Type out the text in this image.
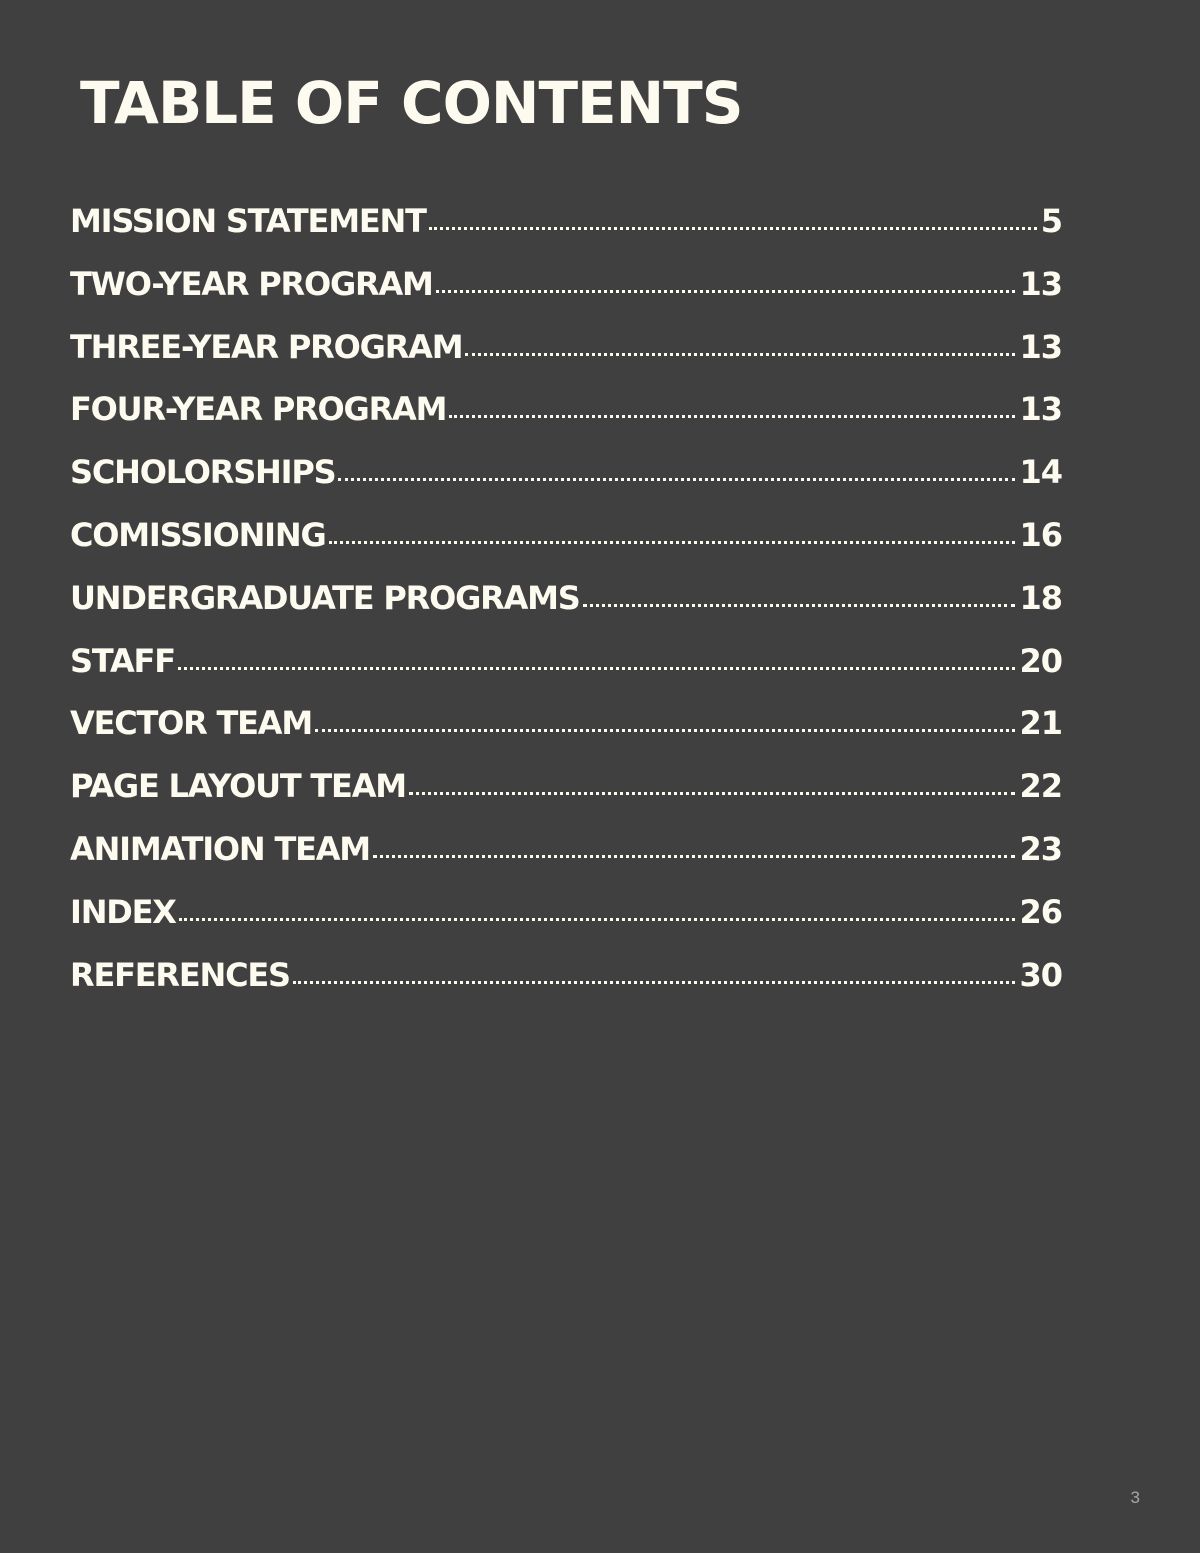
TABLE OF CONTENTS
MISSION STATEMENT	5
TWO-YEAR PROGRAM	13
THREE-YEAR PROGRAM	13
FOUR-YEAR PROGRAM	13
SCHOLORSHIPS	14
COMISSIONING	16
UNDERGRADUATE PROGRAMS	18
STAFF	20
VECTOR TEAM	21
PAGE LAYOUT TEAM	22
ANIMATION TEAM	23
INDEX	26
REFERENCES	30
3
